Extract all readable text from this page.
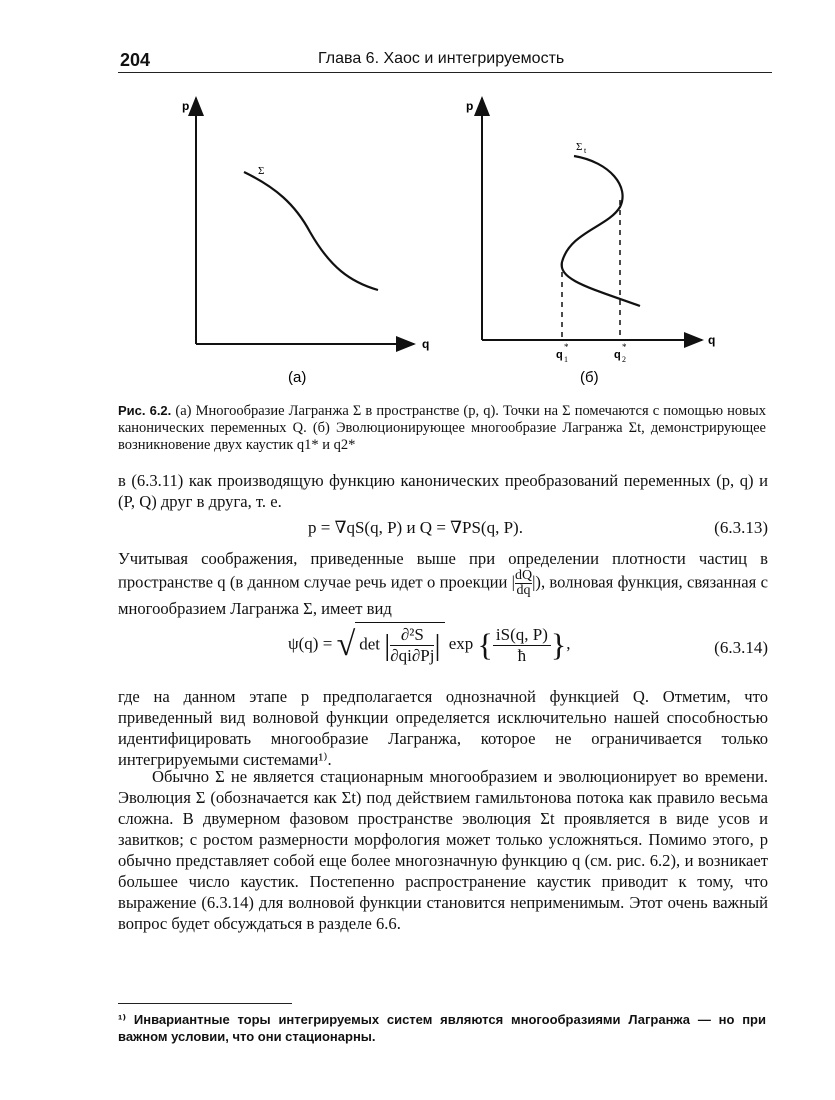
204	Глава 6. Хаос и интегрируемость
p
q
Σ
(а)
p
q
Σ t
q
*
1	q
*
2
(б)
Рис. 6.2. (а) Многообразие Лагранжа Σ в пространстве (p, q). Точки на Σ помечаются с помощью новых канонических переменных Q. (б) Эволюционирующее многообразие Лагранжа Σt, демонстрирующее возникновение двух каустик q1* и q2*
в (6.3.11) как производящую функцию канонических преобразований переменных (p, q) и (P, Q) друг в друга, т. е.
p = ∇qS(q, P) и Q = ∇PS(q, P).	(6.3.13)
Учитывая соображения, приведенные выше при определении плотности частиц в пространстве q (в данном случае речь идет о проекции | $\frac{dQ}{dq}$ |), волновая функция, связанная с многообразием Лагранжа Σ, имеет вид
ψ(q) = √ det | $\frac{\text{∂²S}}{\partial qi\partial Pj}$ | exp { $\frac{iS(q, P)}{ħ}$ },	(6.3.14)
где на данном этапе p предполагается однозначной функцией Q. Отметим, что приведенный вид волновой функции определяется исключительно нашей способностью идентифицировать многообразие Лагранжа, которое не ограничивается только интегрируемыми системами¹⁾.
Обычно Σ не является стационарным многообразием и эволюционирует во времени. Эволюция Σ (обозначается как Σt) под действием гамильтонова потока как правило весьма сложна. В двумерном фазовом пространстве эволюция Σt проявляется в виде усов и завитков; с ростом размерности морфология может только усложняться. Помимо этого, p обычно представляет собой еще более многозначную функцию q (см. рис. 6.2), и возникает большее число каустик. Постепенно распространение каустик приводит к тому, что выражение (6.3.14) для волновой функции становится неприменимым. Этот очень важный вопрос будет обсуждаться в разделе 6.6.
¹⁾ Инвариантные торы интегрируемых систем являются многообразиями Лагранжа — но при важном условии, что они стационарны.
